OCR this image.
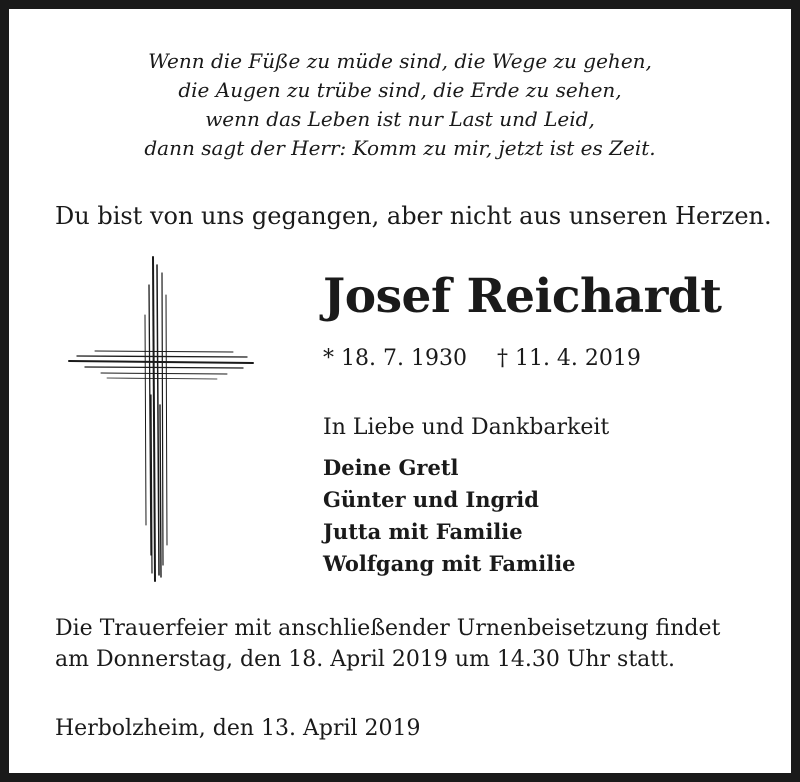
Wenn die Füße zu müde sind, die Wege zu gehen,
die Augen zu trübe sind, die Erde zu sehen,
wenn das Leben ist nur Last und Leid,
dann sagt der Herr: Komm zu mir, jetzt ist es Zeit.
Du bist von uns gegangen, aber nicht aus unseren Herzen.
Josef Reichardt
* 18. 7. 1930 † 11. 4. 2019
In Liebe und Dankbarkeit
Deine Gretl
Günter und Ingrid
Jutta mit Familie
Wolfgang mit Familie
Die Trauerfeier mit anschließender Urnenbeisetzung findet
am Donnerstag, den 18. April 2019 um 14.30 Uhr statt.
Herbolzheim, den 13. April 2019
